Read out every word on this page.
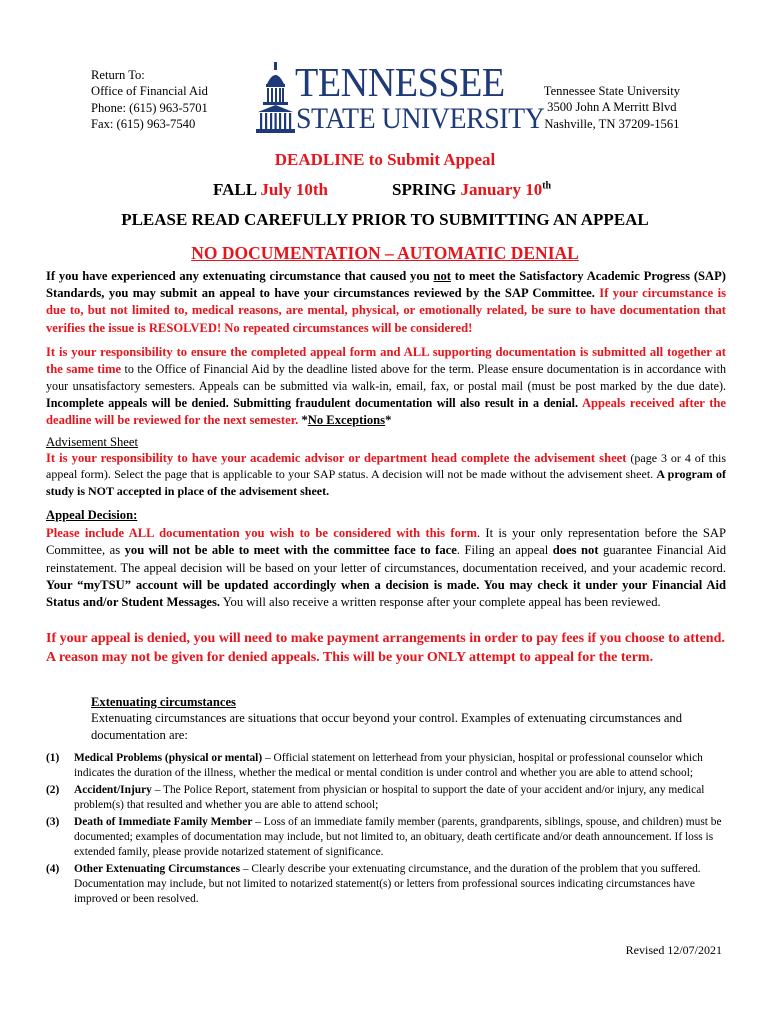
Return To:
Office of Financial Aid
Phone: (615) 963-5701
Fax: (615) 963-7540
TENNESSEE
STATE UNIVERSITY
Tennessee State University
3500 John A Merritt Blvd
Nashville, TN 37209-1561
DEADLINE to Submit Appeal
FALL July 10th	SPRING January 10th
PLEASE READ CAREFULLY PRIOR TO SUBMITTING AN APPEAL
NO DOCUMENTATION – AUTOMATIC DENIAL
If you have experienced any extenuating circumstance that caused you not to meet the Satisfactory Academic Progress (SAP) Standards, you may submit an appeal to have your circumstances reviewed by the SAP Committee. If your circumstance is due to, but not limited to, medical reasons, are mental, physical, or emotionally related, be sure to have documentation that verifies the issue is RESOLVED! No repeated circumstances will be considered!
It is your responsibility to ensure the completed appeal form and ALL supporting documentation is submitted all together at the same time to the Office of Financial Aid by the deadline listed above for the term. Please ensure documentation is in accordance with your unsatisfactory semesters. Appeals can be submitted via walk-in, email, fax, or postal mail (must be post marked by the due date). Incomplete appeals will be denied. Submitting fraudulent documentation will also result in a denial. Appeals received after the deadline will be reviewed for the next semester. *No Exceptions*
Advisement Sheet
It is your responsibility to have your academic advisor or department head complete the advisement sheet (page 3 or 4 of this appeal form). Select the page that is applicable to your SAP status. A decision will not be made without the advisement sheet. A program of study is NOT accepted in place of the advisement sheet.
Appeal Decision:
Please include ALL documentation you wish to be considered with this form. It is your only representation before the SAP Committee, as you will not be able to meet with the committee face to face. Filing an appeal does not guarantee Financial Aid reinstatement. The appeal decision will be based on your letter of circumstances, documentation received, and your academic record. Your “myTSU” account will be updated accordingly when a decision is made. You may check it under your Financial Aid Status and/or Student Messages. You will also receive a written response after your complete appeal has been reviewed.
If your appeal is denied, you will need to make payment arrangements in order to pay fees if you choose to attend. A reason may not be given for denied appeals. This will be your ONLY attempt to appeal for the term.
Extenuating circumstances
Extenuating circumstances are situations that occur beyond your control. Examples of extenuating circumstances and documentation are:
(1) Medical Problems (physical or mental) – Official statement on letterhead from your physician, hospital or professional counselor which indicates the duration of the illness, whether the medical or mental condition is under control and whether you are able to attend school;
(2) Accident/Injury – The Police Report, statement from physician or hospital to support the date of your accident and/or injury, any medical problem(s) that resulted and whether you are able to attend school;
(3) Death of Immediate Family Member – Loss of an immediate family member (parents, grandparents, siblings, spouse, and children) must be documented; examples of documentation may include, but not limited to, an obituary, death certificate and/or death announcement. If loss is extended family, please provide notarized statement of significance.
(4) Other Extenuating Circumstances – Clearly describe your extenuating circumstance, and the duration of the problem that you suffered. Documentation may include, but not limited to notarized statement(s) or letters from professional sources indicating circumstances have improved or been resolved.
Revised 12/07/2021
